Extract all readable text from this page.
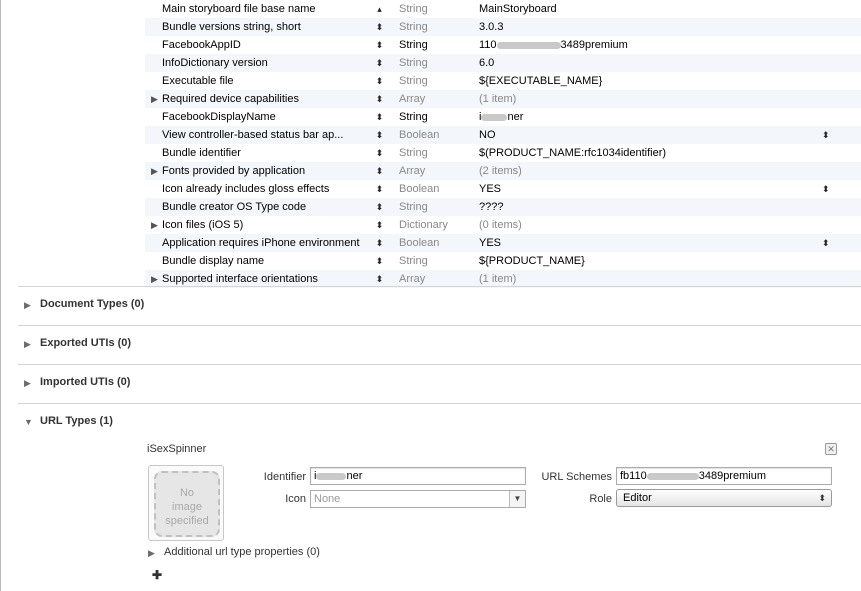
Main storyboard file base name	▴ String	MainStoryboard
Bundle versions string, short	⬍ String	3.0.3
FacebookAppID	⬍ String	110	3489premium
InfoDictionary version	⬍ String	6.0
Executable file	⬍ String	${EXECUTABLE_NAME}
▶ Required device capabilities	⬍ Array	(1 item)
FacebookDisplayName	⬍ String	i ner
View controller-based status bar ap...	⬍ Boolean	NO	⬍
Bundle identifier	⬍ String	$(PRODUCT_NAME:rfc1034identifier)
▶ Fonts provided by application	⬍ Array	(2 items)
Icon already includes gloss effects	⬍ Boolean	YES	⬍
Bundle creator OS Type code	⬍ String	????
▶ Icon files (iOS 5)	⬍ Dictionary	(0 items)
Application requires iPhone environment	⬍ Boolean	YES	⬍
Bundle display name	⬍ String	${PRODUCT_NAME}
▶ Supported interface orientations	⬍ Array	(1 item)
▶ Document Types (0)
▶ Exported UTIs (0)
▶ Imported UTIs (0)
▼ URL Types (1)
iSexSpinner	✕
No
image
specified
Identifier i	ner
Icon None	▼
URL Schemes fb110	3489premium
Role	Editor	⬍
▶ Additional url type properties (0)
✚
